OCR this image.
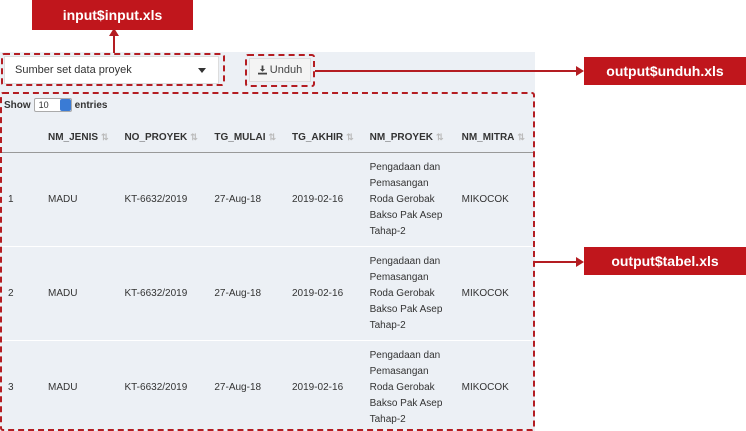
input$input.xls
output$unduh.xls
output$tabel.xls
Sumber set data proyek	Unduh
Show 10	entries
	NM_JENIS ⇅	NO_PROYEK ⇅	TG_MULAI ⇅	TG_AKHIR ⇅	NM_PROYEK ⇅	NM_MITRA ⇅
1	MADU	KT-6632/2019	27-Aug-18	2019-02-16	Pengadaan dan Pemasangan Roda Gerobak Bakso Pak Asep Tahap-2	MIKOCOK
2	MADU	KT-6632/2019	27-Aug-18	2019-02-16	Pengadaan dan Pemasangan Roda Gerobak Bakso Pak Asep Tahap-2	MIKOCOK
3	MADU	KT-6632/2019	27-Aug-18	2019-02-16	Pengadaan dan Pemasangan Roda Gerobak Bakso Pak Asep Tahap-2	MIKOCOK
